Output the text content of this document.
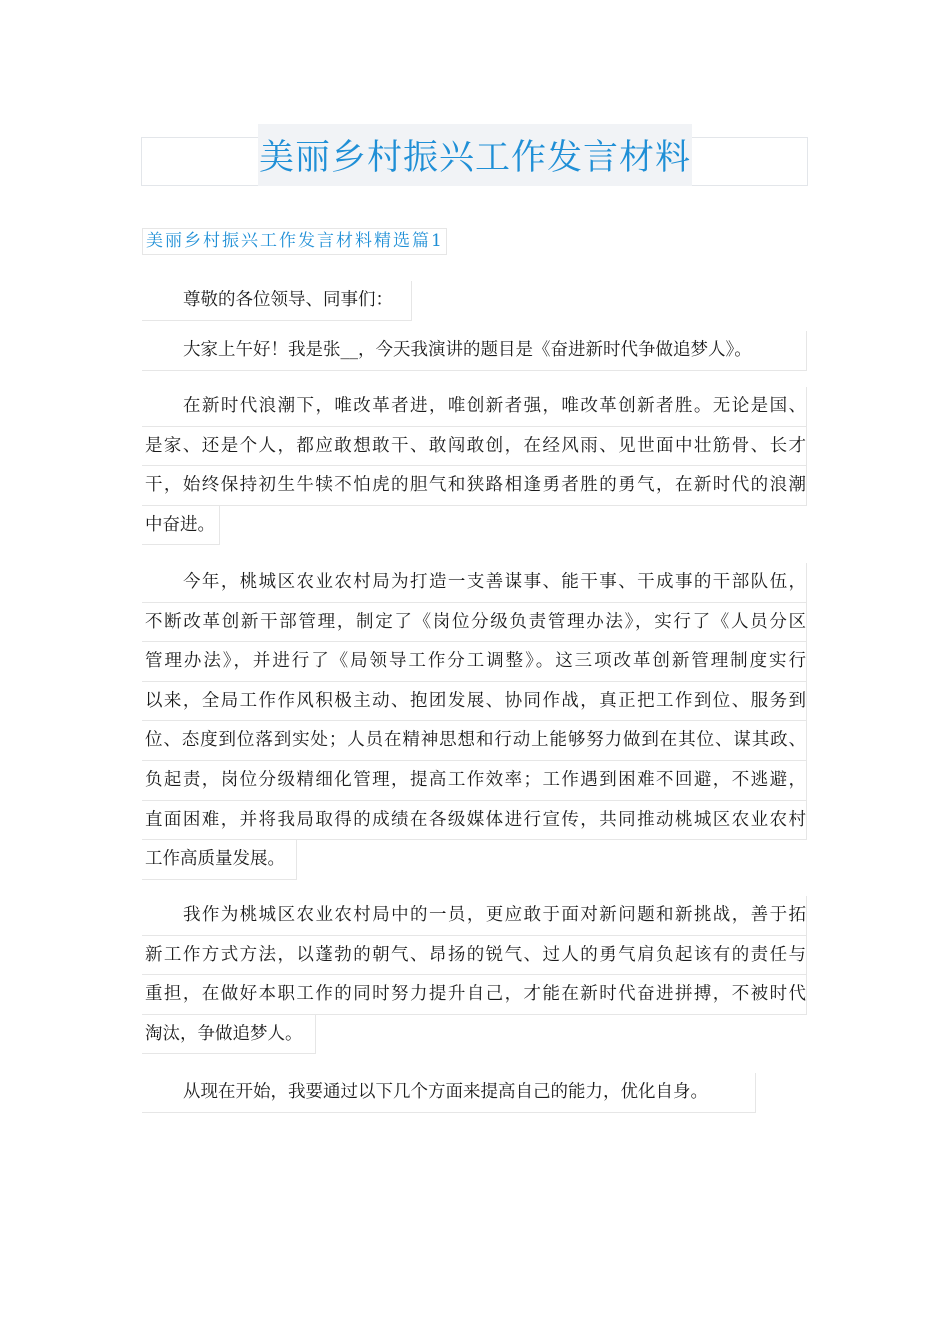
美丽乡村振兴工作发言材料
美丽乡村振兴工作发言材料精选篇1
尊敬的各位领导、同事们：
大家上午好！我是张__，今天我演讲的题目是《奋进新时代争做追梦人》。
在新时代浪潮下，唯改革者进，唯创新者强，唯改革创新者胜。无论是国、
是家、还是个人，都应敢想敢干、敢闯敢创，在经风雨、见世面中壮筋骨、长才
干，始终保持初生牛犊不怕虎的胆气和狭路相逢勇者胜的勇气，在新时代的浪潮
中奋进。
今年，桃城区农业农村局为打造一支善谋事、能干事、干成事的干部队伍，
不断改革创新干部管理，制定了《岗位分级负责管理办法》，实行了《人员分区
管理办法》，并进行了《局领导工作分工调整》。这三项改革创新管理制度实行
以来，全局工作作风积极主动、抱团发展、协同作战，真正把工作到位、服务到
位、态度到位落到实处；人员在精神思想和行动上能够努力做到在其位、谋其政、
负起责，岗位分级精细化管理，提高工作效率；工作遇到困难不回避，不逃避，
直面困难，并将我局取得的成绩在各级媒体进行宣传，共同推动桃城区农业农村
工作高质量发展。
我作为桃城区农业农村局中的一员，更应敢于面对新问题和新挑战，善于拓
新工作方式方法，以蓬勃的朝气、昂扬的锐气、过人的勇气肩负起该有的责任与
重担，在做好本职工作的同时努力提升自己，才能在新时代奋进拼搏，不被时代
淘汰，争做追梦人。
从现在开始，我要通过以下几个方面来提高自己的能力，优化自身。
